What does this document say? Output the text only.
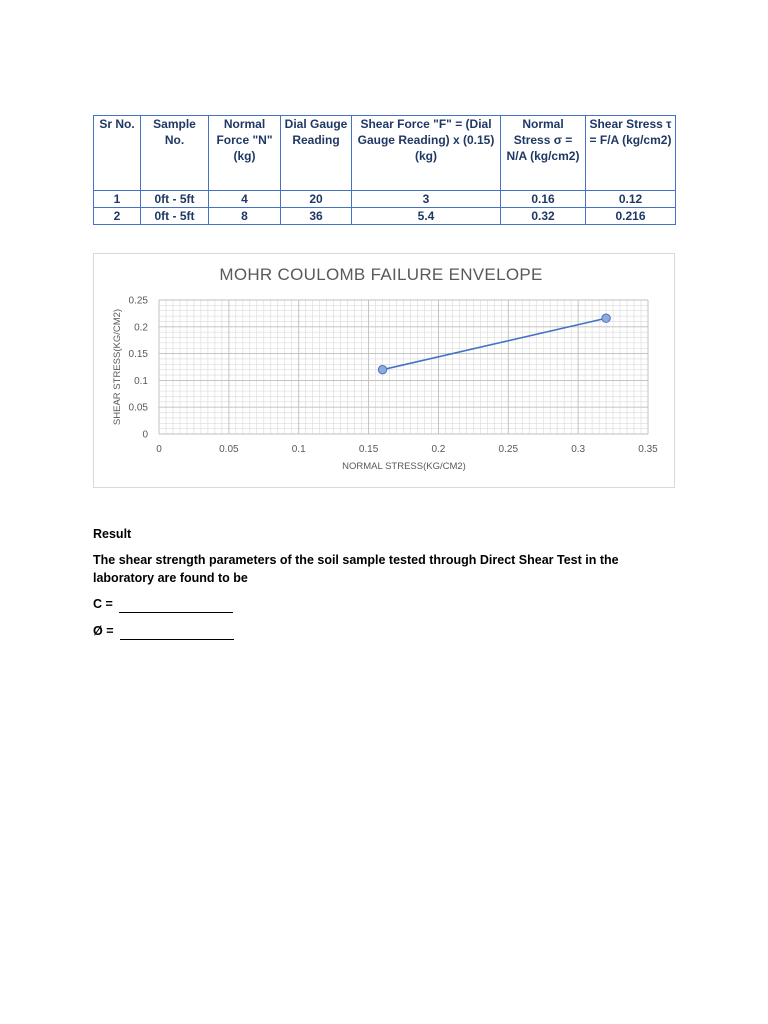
Sr No.	Sample No.	Normal Force "N" (kg)	Dial Gauge Reading	Shear Force "F" = (Dial Gauge Reading) x (0.15) (kg)	Normal Stress σ = N/A (kg/cm2)	Shear Stress τ = F/A (kg/cm2)
1	0ft - 5ft	4	20	3	0.16	0.12
2	0ft - 5ft	8	36	5.4	0.32	0.216
MOHR COULOMB FAILURE ENVELOPE
0	0.05	0.1	0.15	0.2	0.25	0.3	0.35
0
0.05
0.1
0.15
0.2
0.25
NORMAL STRESS(KG/CM2)
SHEAR STRESS(KG/CM2)

Result

The shear strength parameters of the soil sample tested through Direct Shear Test in the laboratory are found to be

C =

Ø =
